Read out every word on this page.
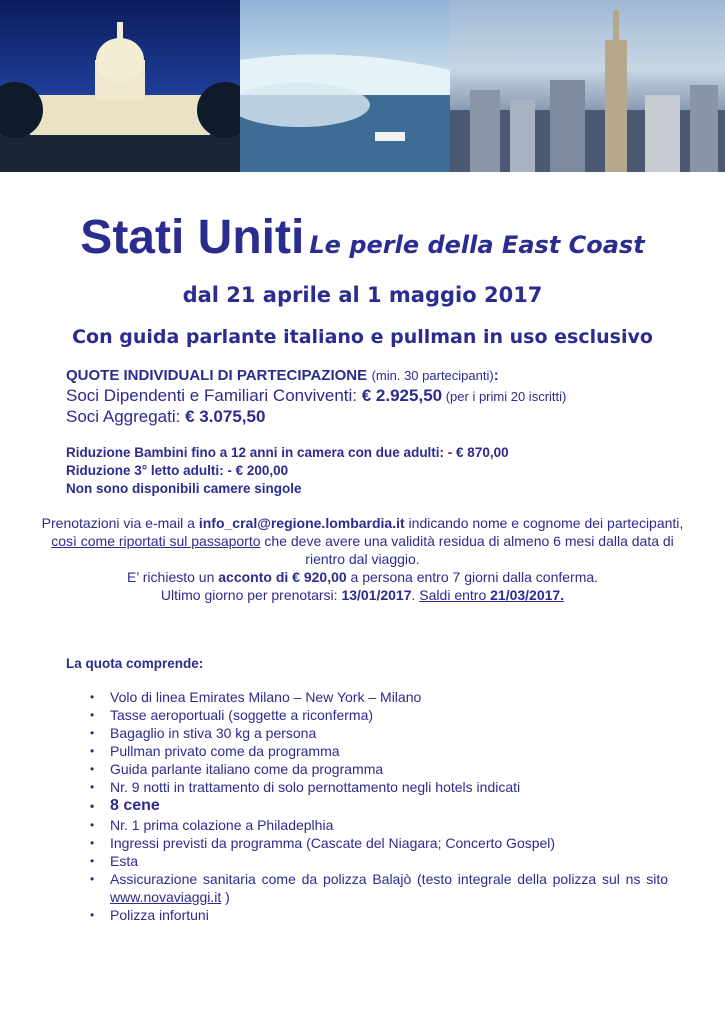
Stati Uniti Le perle della East Coast
dal 21 aprile al 1 maggio 2017
Con guida parlante italiano e pullman in uso esclusivo
QUOTE INDIVIDUALI DI PARTECIPAZIONE (min. 30 partecipanti):
Soci Dipendenti e Familiari Conviventi: € 2.925,50 (per i primi 20 iscritti)
Soci Aggregati: € 3.075,50
Riduzione Bambini fino a 12 anni in camera con due adulti: - € 870,00
Riduzione 3° letto adulti: - € 200,00
Non sono disponibili camere singole
Prenotazioni via e-mail a info_cral@regione.lombardia.it indicando nome e cognome dei partecipanti, così come riportati sul passaporto che deve avere una validità residua di almeno 6 mesi dalla data di rientro dal viaggio.
E’ richiesto un acconto di € 920,00 a persona entro 7 giorni dalla conferma.
Ultimo giorno per prenotarsi: 13/01/2017. Saldi entro 21/03/2017.
La quota comprende:
• Volo di linea Emirates Milano – New York – Milano
• Tasse aeroportuali (soggette a riconferma)
• Bagaglio in stiva 30 kg a persona
• Pullman privato come da programma
• Guida parlante italiano come da programma
• Nr. 9 notti in trattamento di solo pernottamento negli hotels indicati
• 8 cene
• Nr. 1 prima colazione a Philadeplhia
• Ingressi previsti da programma (Cascate del Niagara; Concerto Gospel)
• Esta
• Assicurazione sanitaria come da polizza Balajò (testo integrale della polizza sul ns sito www.novaviaggi.it )
• Polizza infortuni
